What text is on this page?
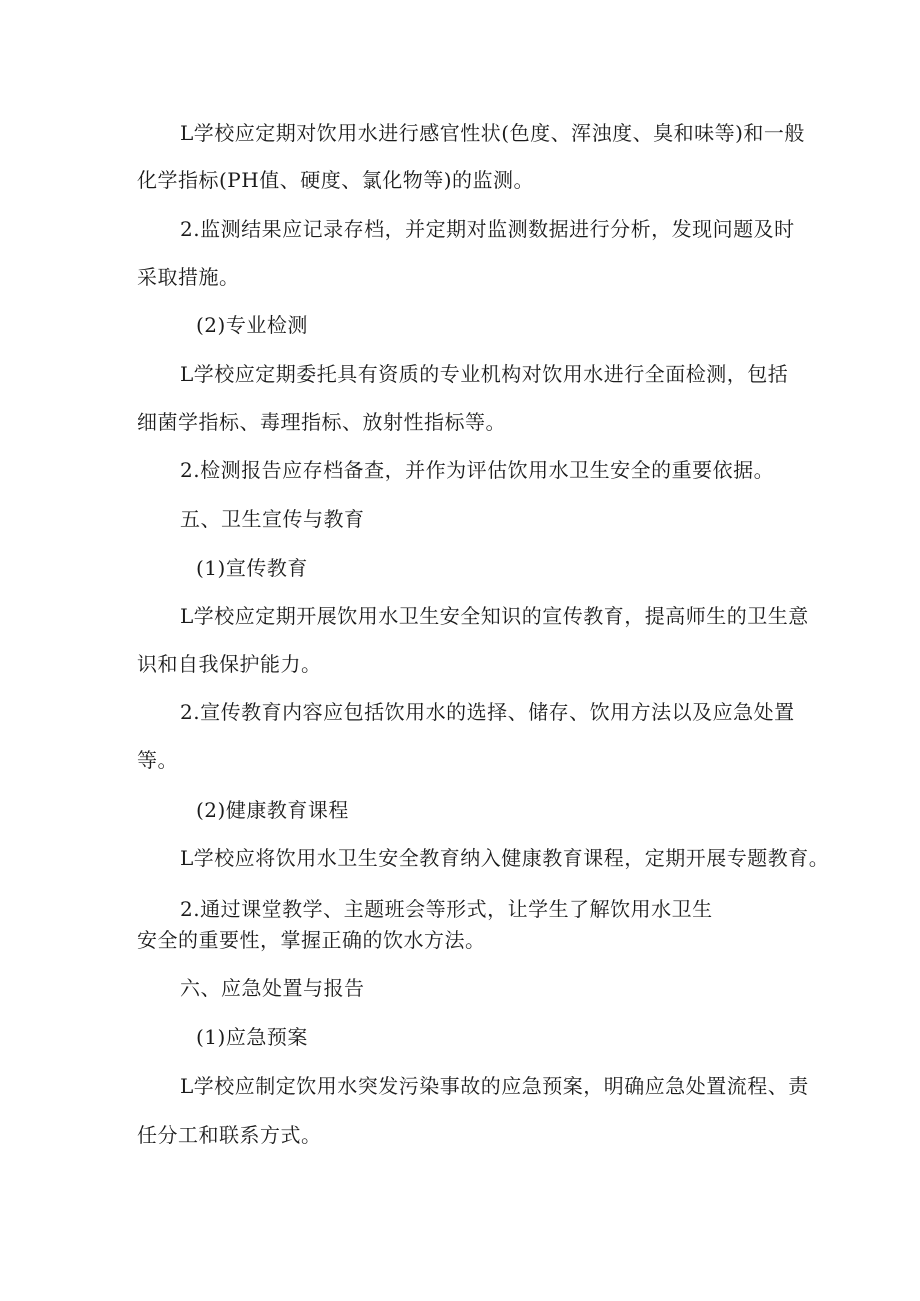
L学校应定期对饮用水进行感官性状(色度、浑浊度、臭和味等)和一般

化学指标(PH值、硬度、氯化物等)的监测。

2.监测结果应记录存档，并定期对监测数据进行分析，发现问题及时

采取措施。

(2)专业检测

L学校应定期委托具有资质的专业机构对饮用水进行全面检测，包括

细菌学指标、毒理指标、放射性指标等。

2.检测报告应存档备查，并作为评估饮用水卫生安全的重要依据。

五、卫生宣传与教育

(1)宣传教育

L学校应定期开展饮用水卫生安全知识的宣传教育，提高师生的卫生意

识和自我保护能力。

2.宣传教育内容应包括饮用水的选择、储存、饮用方法以及应急处置

等。

(2)健康教育课程

L学校应将饮用水卫生安全教育纳入健康教育课程，定期开展专题教育。

2.通过课堂教学、主题班会等形式，让学生了解饮用水卫生

安全的重要性，掌握正确的饮水方法。

六、应急处置与报告

(1)应急预案

L学校应制定饮用水突发污染事故的应急预案，明确应急处置流程、责

任分工和联系方式。
